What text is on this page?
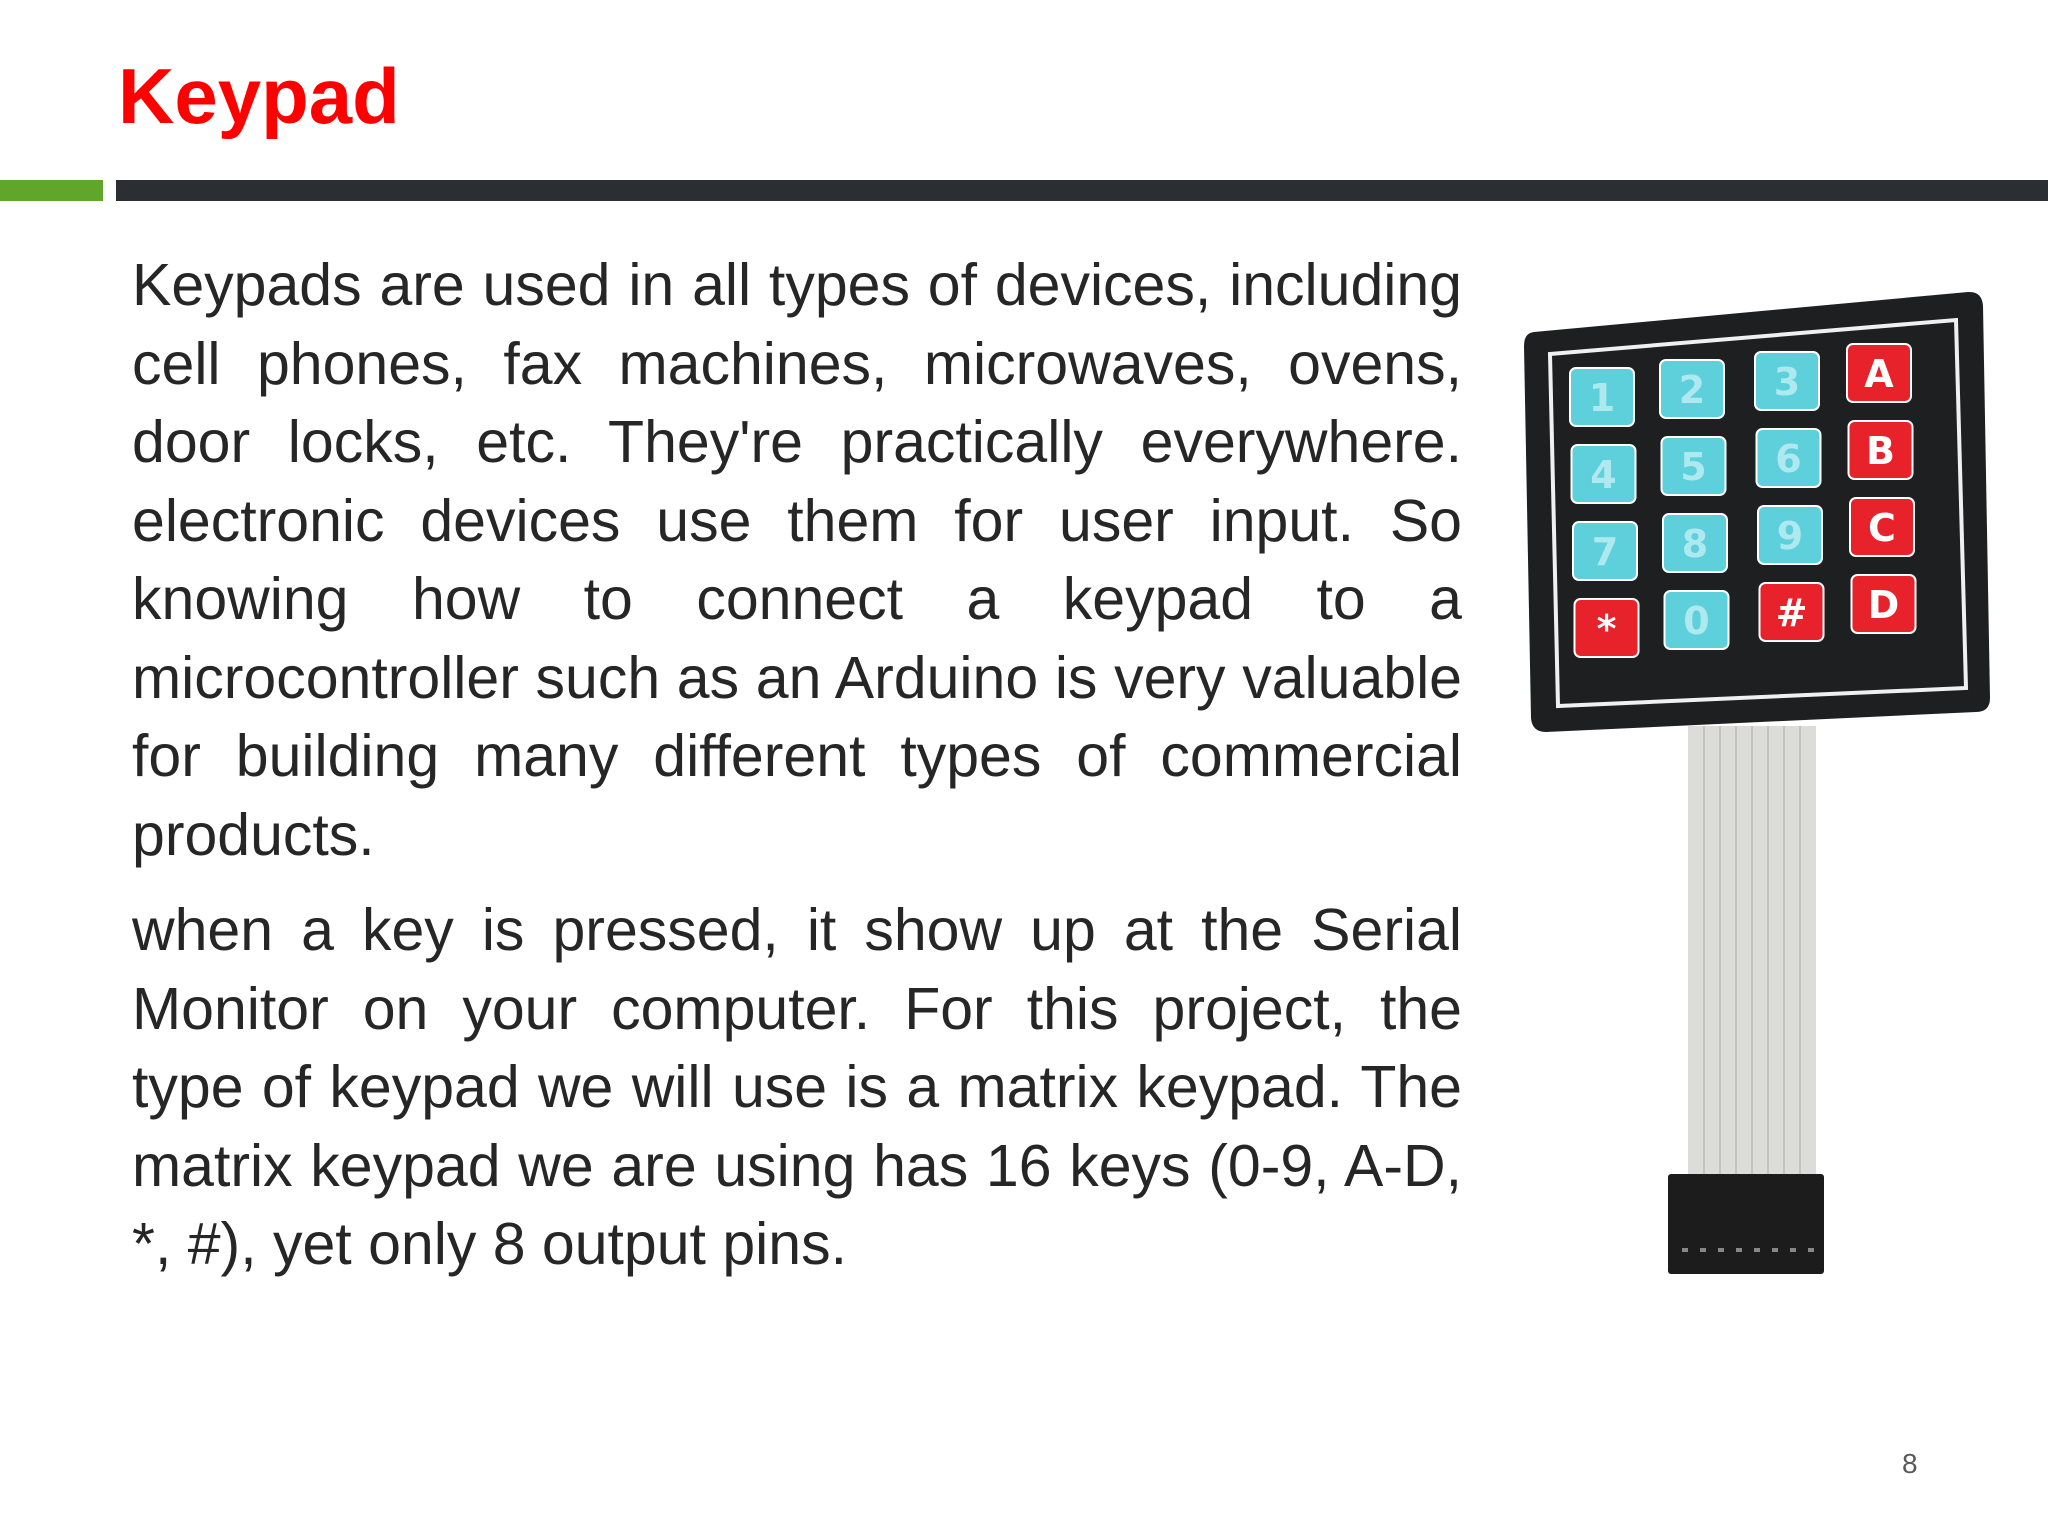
Keypad

Keypads are used in all types of devices, including cell phones, fax machines, microwaves, ovens, door locks, etc. They're practically everywhere. electronic devices use them for user input. So knowing how to connect a keypad to a microcontroller such as an Arduino is very valuable for building many different types of commercial products.

when a key is pressed, it show up at the Serial Monitor on your computer. For this project, the type of keypad we will use is a matrix keypad. The matrix keypad we are using has 16 keys (0-9, A-D, *, #), yet only 8 output pins.

1 2 3 A
4 5 6 B
7 8 9 C
* 0 # D
8
